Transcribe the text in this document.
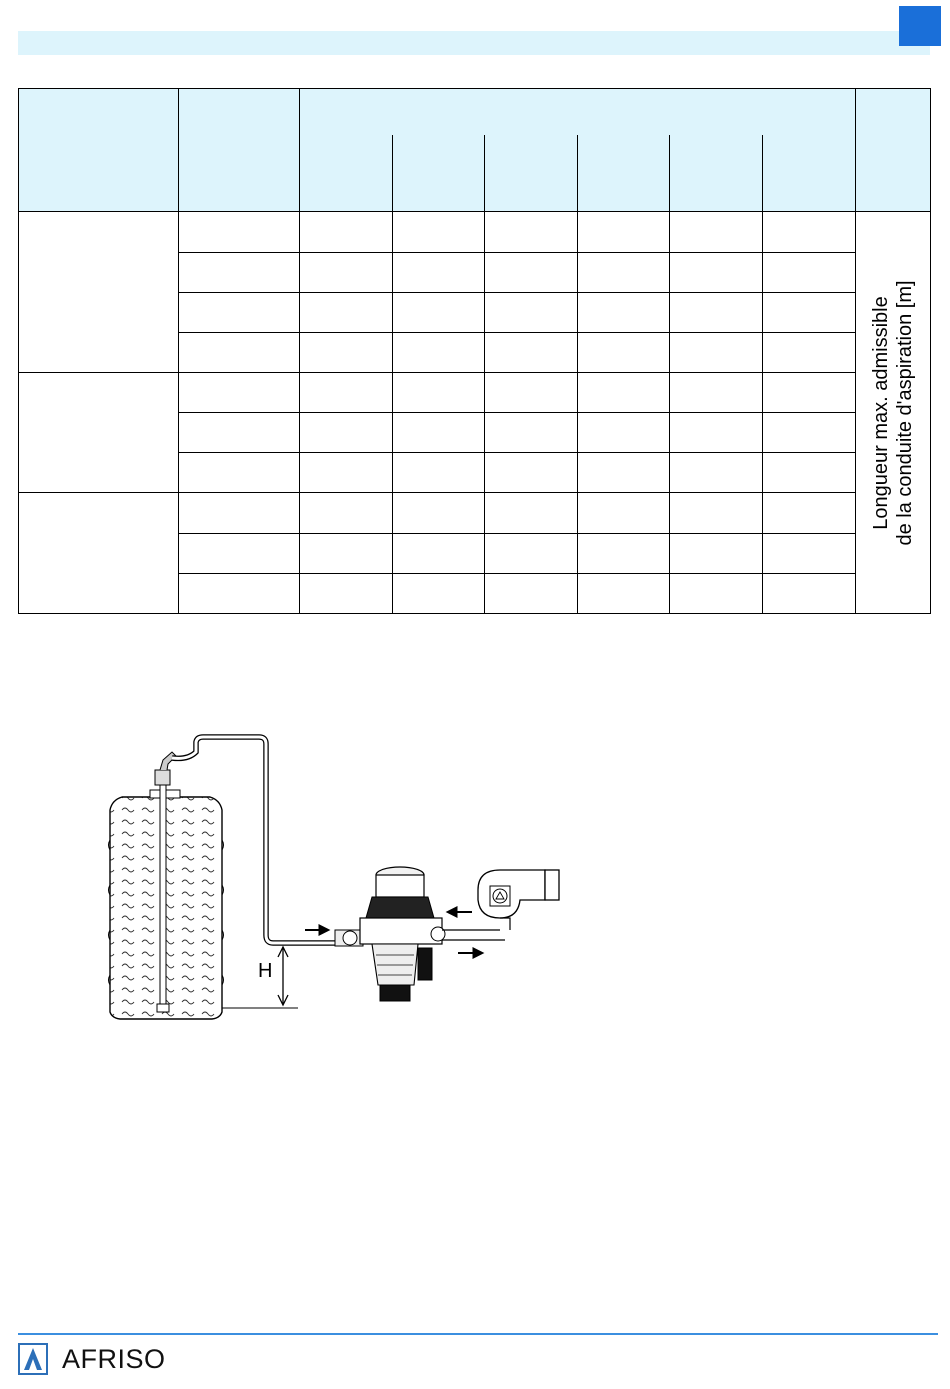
								Longueur max. admissible de la conduite d'aspiration [m]

H
AFRISO
